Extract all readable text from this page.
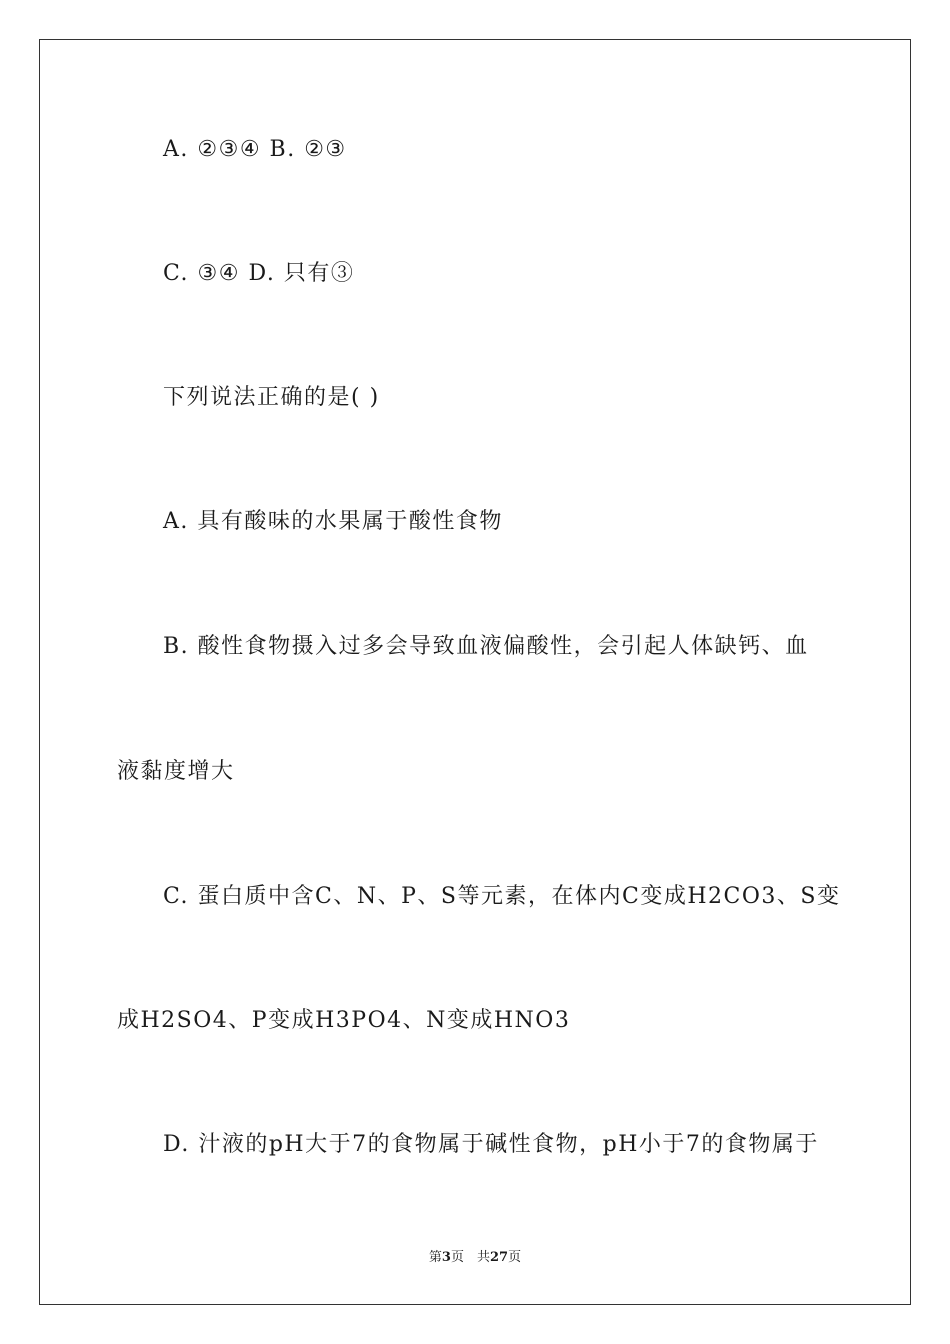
A. ②③④ B. ②③
C. ③④ D. 只有③
下列说法正确的是( )
A. 具有酸味的水果属于酸性食物
B. 酸性食物摄入过多会导致血液偏酸性，会引起人体缺钙、血
液黏度增大
C. 蛋白质中含C、N、P、S等元素，在体内C变成H2CO3、S变
成H2SO4、P变成H3PO4、N变成HNO3
D. 汁液的pH大于7的食物属于碱性食物，pH小于7的食物属于
第3页　共27页
